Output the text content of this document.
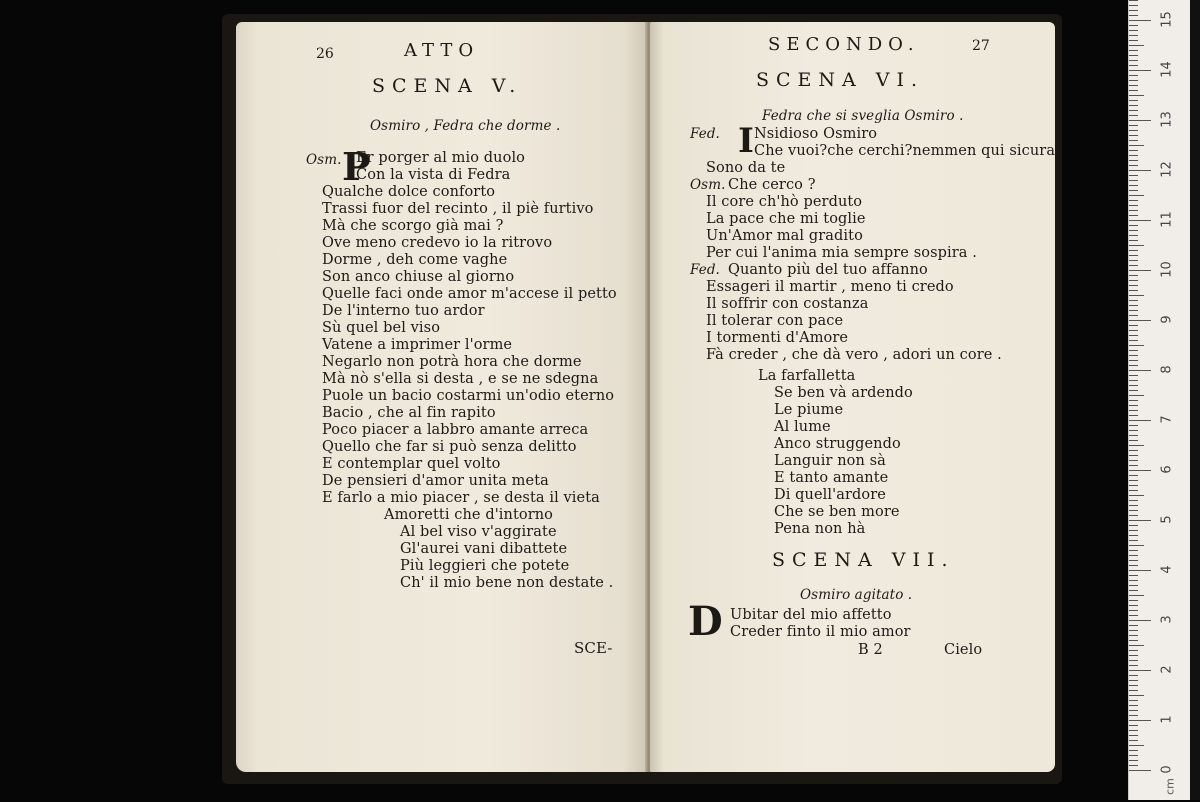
26	ATTO
SCENA V.
Osmiro , Fedra che dorme .
Osm. P
SCE-
Er porger al mio duolo
Con la vista di Fedra
Qualche dolce conforto
Trassi fuor del recinto , il piè furtivo
Mà che scorgo già mai ?
Ove meno credevo io la ritrovo
Dorme , deh come vaghe
Son anco chiuse al giorno
Quelle faci onde amor m'accese il petto
De l'interno tuo ardor
Sù quel bel viso
Vatene a imprimer l'orme
Negarlo non potrà hora che dorme
Mà nò s'ella si desta , e se ne sdegna
Puole un bacio costarmi un'odio eterno
Bacio , che al fin rapito
Poco piacer a labbro amante arreca
Quello che far si può senza delitto
E contemplar quel volto
De pensieri d'amor unita meta
E farlo a mio piacer , se desta il vieta
Amoretti che d'intorno
Al bel viso v'aggirate
Gl'aurei vani dibattete
Più leggieri che potete
Ch' il mio bene non destate .
SECONDO.	27
SCENA VI.
Fedra che si sveglia Osmiro .
SCENA VII.
Osmiro agitato .
D Ubitar del mio affetto
Creder finto il mio amor
B 2	Cielo
Fed. I Nsidioso Osmiro
Che vuoi?che cerchi?nemmen qui sicura
Sono da te
Osm. Che cerco ?
Il core ch'hò perduto
La pace che mi toglie
Un'Amor mal gradito
Per cui l'anima mia sempre sospira .
Fed. Quanto più del tuo affanno
Essageri il martir , meno ti credo
Il soffrir con costanza
Il tolerar con pace
I tormenti d'Amore
Fà creder , che dà vero , adori un core .
La farfalletta
Se ben và ardendo
Le piume
Al lume
Anco struggendo
Languir non sà
E tanto amante
Di quell'ardore
Che se ben more
Pena non hà
0
1
2
3
4
5
6
7
8
9
10
11
12
13
14
15
cm
